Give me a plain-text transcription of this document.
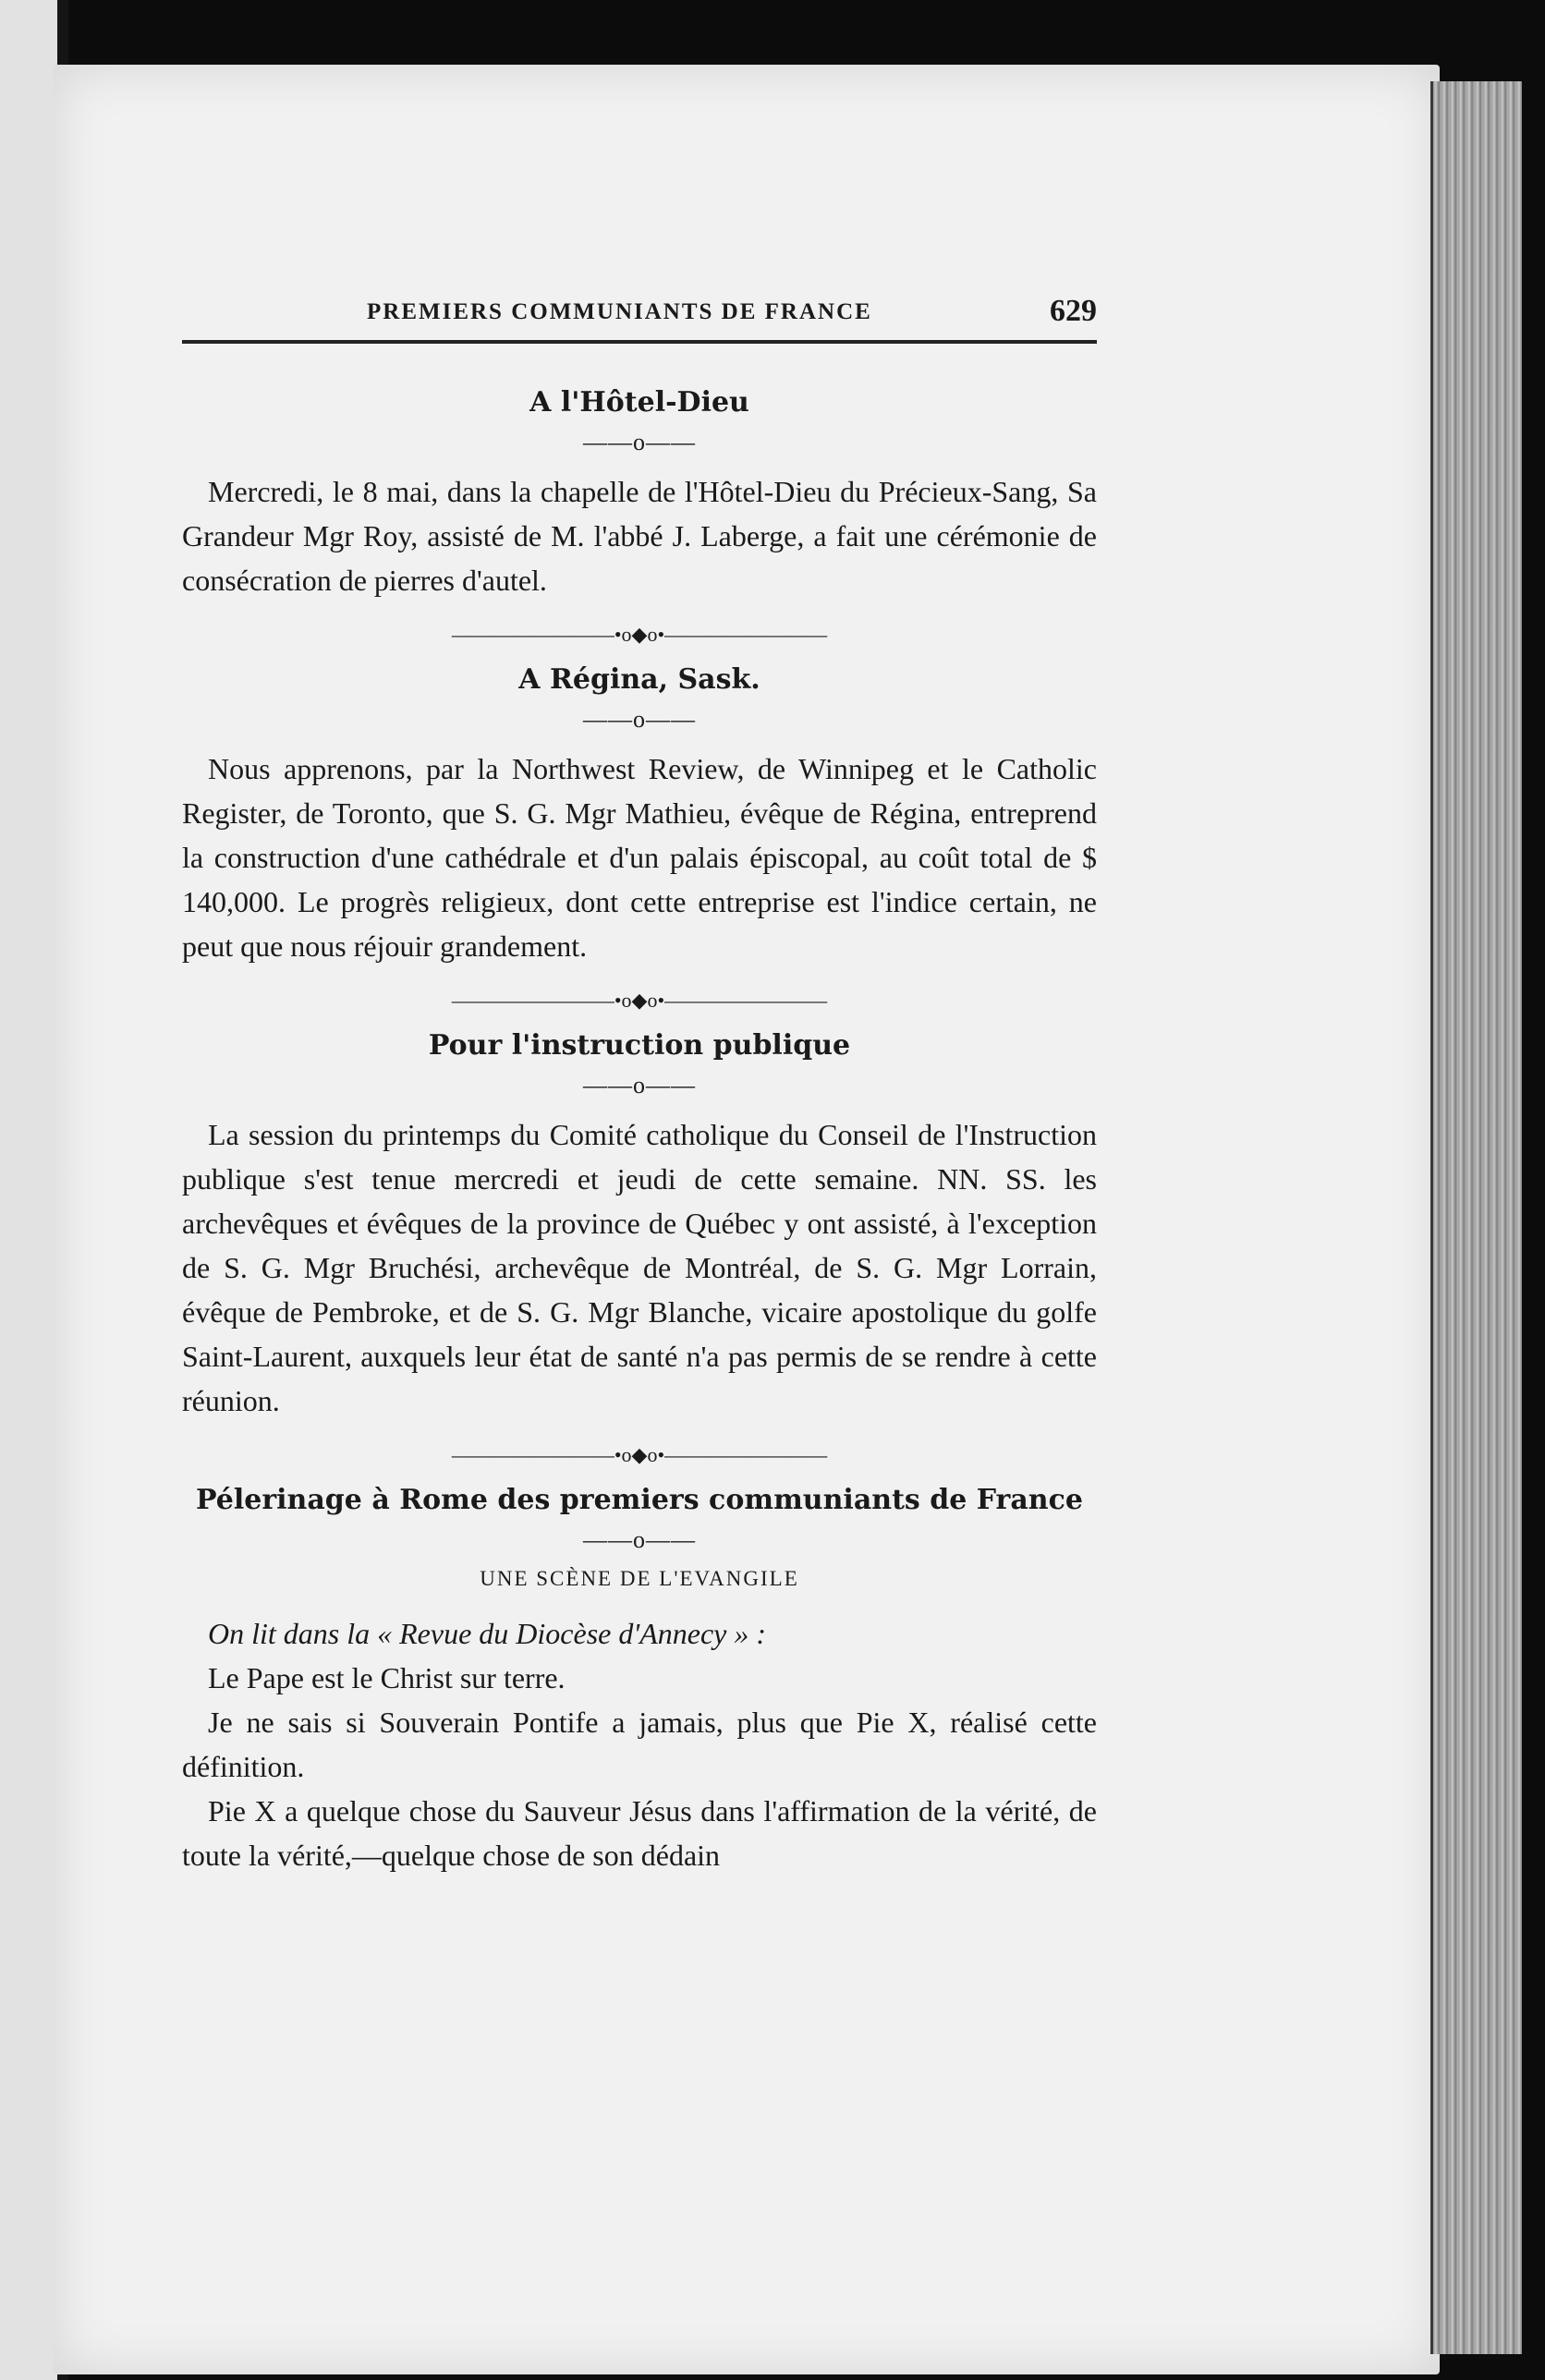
PREMIERS COMMUNIANTS DE FRANCE	629
A l'Hôtel-Dieu
——o——

Mercredi, le 8 mai, dans la chapelle de l'Hôtel-Dieu du Précieux-Sang, Sa Grandeur Mgr Roy, assisté de M. l'abbé J. Laberge, a fait une cérémonie de consécration de pierres d'autel.

————————•o◆o•————————
A Régina, Sask.
——o——

Nous apprenons, par la Northwest Review, de Winnipeg et le Catholic Register, de Toronto, que S. G. Mgr Mathieu, évêque de Régina, entreprend la construction d'une cathédrale et d'un palais épiscopal, au coût total de $ 140,000. Le progrès religieux, dont cette entreprise est l'indice certain, ne peut que nous réjouir grandement.

————————•o◆o•————————
Pour l'instruction publique
——o——

La session du printemps du Comité catholique du Conseil de l'Instruction publique s'est tenue mercredi et jeudi de cette semaine. NN. SS. les archevêques et évêques de la province de Québec y ont assisté, à l'exception de S. G. Mgr Bruchési, archevêque de Montréal, de S. G. Mgr Lorrain, évêque de Pembroke, et de S. G. Mgr Blanche, vicaire apostolique du golfe Saint-Laurent, auxquels leur état de santé n'a pas permis de se rendre à cette réunion.

————————•o◆o•————————
Pélerinage à Rome des premiers communiants de France
——o——
UNE SCÈNE DE L'EVANGILE

On lit dans la « Revue du Diocèse d'Annecy » :

Le Pape est le Christ sur terre.

Je ne sais si Souverain Pontife a jamais, plus que Pie X, réalisé cette définition.

Pie X a quelque chose du Sauveur Jésus dans l'affirmation de la vérité, de toute la vérité,—quelque chose de son dédain
